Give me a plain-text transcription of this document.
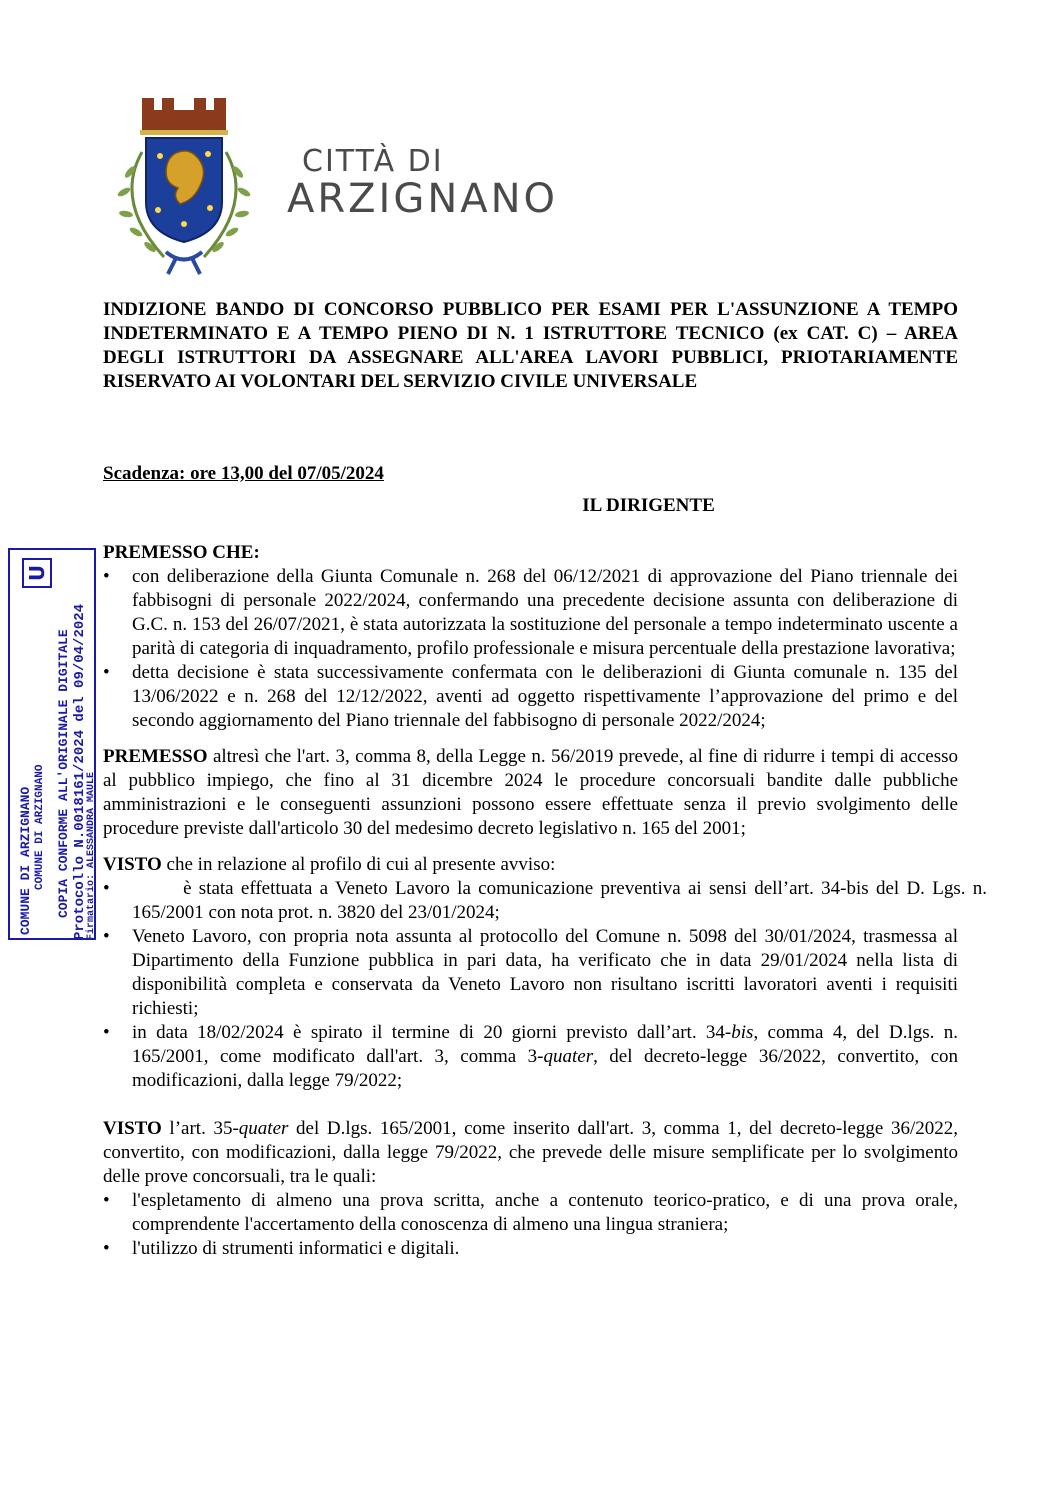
CITTÀ DI
ARZIGNANO
U
COMUNE DI ARZIGNANO COMUNE DI ARZIGNANO COPIA CONFORME ALL'ORIGINALE DIGITALE Protocollo N.0018161/2024 del 09/04/2024
Firmatario: ALESSANDRA MAULE

INDIZIONE BANDO DI CONCORSO PUBBLICO PER ESAMI PER L'ASSUNZIONE A TEMPO INDETERMINATO E A TEMPO PIENO DI N. 1 ISTRUTTORE TECNICO (ex CAT. C) – AREA DEGLI ISTRUTTORI DA ASSEGNARE ALL'AREA LAVORI PUBBLICI, PRIOTARIAMENTE RISERVATO AI VOLONTARI DEL SERVIZIO CIVILE UNIVERSALE

Scadenza: ore 13,00 del 07/05/2024

IL DIRIGENTE

PREMESSO CHE:

• con deliberazione della Giunta Comunale n. 268 del 06/12/2021 di approvazione del Piano triennale dei fabbisogni di personale 2022/2024, confermando una precedente decisione assunta con deliberazione di G.C. n. 153 del 26/07/2021, è stata autorizzata la sostituzione del personale a tempo indeterminato uscente a parità di categoria di inquadramento, profilo professionale e misura percentuale della prestazione lavorativa;
• detta decisione è stata successivamente confermata con le deliberazioni di Giunta comunale n. 135 del 13/06/2022 e n. 268 del 12/12/2022, aventi ad oggetto rispettivamente l’approvazione del primo e del secondo aggiornamento del Piano triennale del fabbisogno di personale 2022/2024;

PREMESSO altresì che l'art. 3, comma 8, della Legge n. 56/2019 prevede, al fine di ridurre i tempi di accesso al pubblico impiego, che fino al 31 dicembre 2024 le procedure concorsuali bandite dalle pubbliche amministrazioni e le conseguenti assunzioni possono essere effettuate senza il previo svolgimento delle procedure previste dall'articolo 30 del medesimo decreto legislativo n. 165 del 2001;

VISTO che in relazione al profilo di cui al presente avviso:

•        è stata effettuata a Veneto Lavoro la comunicazione preventiva ai sensi dell’art. 34-bis del D. Lgs. n. 165/2001 con nota prot. n. 3820 del 23/01/2024;
• Veneto Lavoro, con propria nota assunta al protocollo del Comune n. 5098 del 30/01/2024, trasmessa al Dipartimento della Funzione pubblica in pari data, ha verificato che in data 29/01/2024 nella lista di disponibilità completa e conservata da Veneto Lavoro non risultano iscritti lavoratori aventi i requisiti richiesti;
• in data 18/02/2024 è spirato il termine di 20 giorni previsto dall’art. 34-bis, comma 4, del D.lgs. n. 165/2001, come modificato dall'art. 3, comma 3-quater, del decreto-legge 36/2022, convertito, con modificazioni, dalla legge 79/2022;

VISTO l’art. 35-quater del D.lgs. 165/2001, come inserito dall'art. 3, comma 1, del decreto-legge 36/2022, convertito, con modificazioni, dalla legge 79/2022, che prevede delle misure semplificate per lo svolgimento delle prove concorsuali, tra le quali:

• l'espletamento di almeno una prova scritta, anche a contenuto teorico-pratico, e di una prova orale, comprendente l'accertamento della conoscenza di almeno una lingua straniera;
• l'utilizzo di strumenti informatici e digitali.
